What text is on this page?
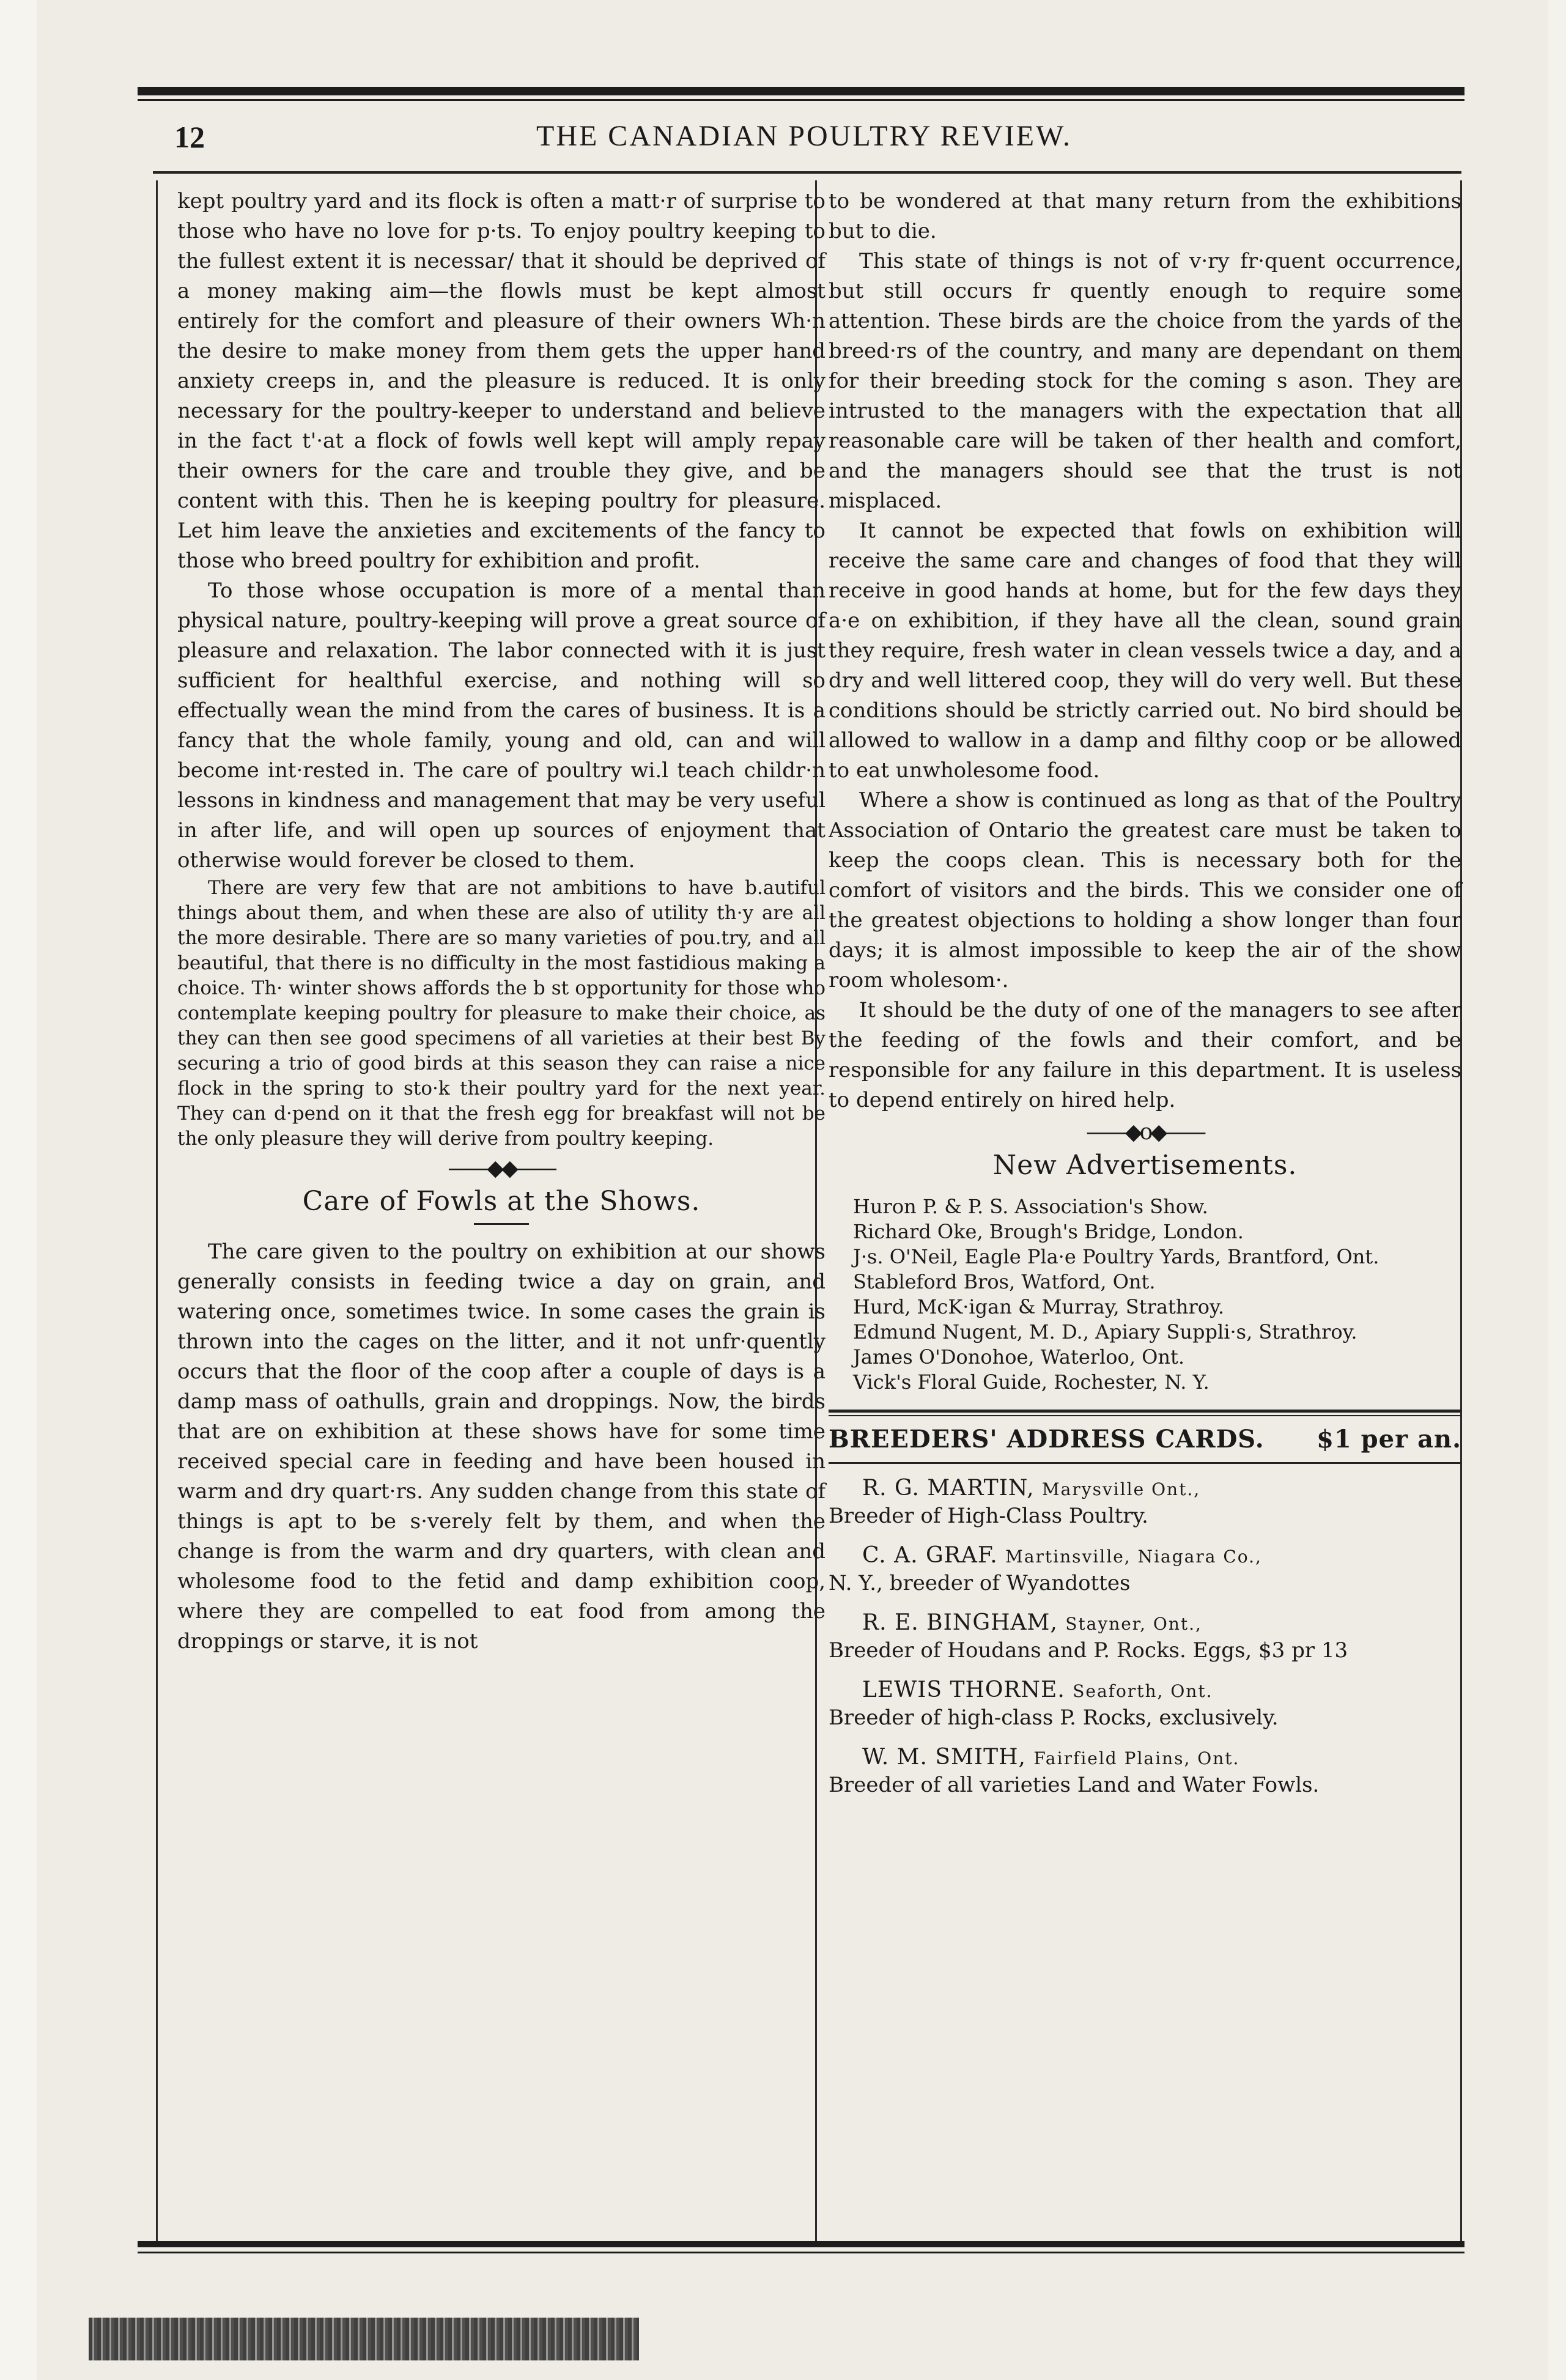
12	THE CANADIAN POULTRY REVIEW.

kept poultry yard and its flock is often a matt·r of surprise to those who have no love for p·ts. To enjoy poultry keeping to the fullest extent it is necessar/ that it should be deprived of a money making aim—the flowls must be kept almost entirely for the comfort and pleasure of their owners Wh·n the desire to make money from them gets the upper hand anxiety creeps in, and the pleasure is reduced. It is only necessary for the poultry-keeper to understand and believe in the fact t'·at a flock of fowls well kept will amply repay their owners for the care and trouble they give, and be content with this. Then he is keeping poultry for pleasure. Let him leave the anxieties and excitements of the fancy to those who breed poultry for exhibition and profit.

To those whose occupation is more of a mental than physical nature, poultry-keeping will prove a great source of pleasure and relaxation. The labor connected with it is just sufficient for healthful exercise, and nothing will so effectually wean the mind from the cares of business. It is a fancy that the whole family, young and old, can and will become int·rested in. The care of poultry wi.l teach childr·n lessons in kindness and management that may be very useful in after life, and will open up sources of enjoyment that otherwise would forever be closed to them.

There are very few that are not ambitions to have b.autiful things about them, and when these are also of utility th·y are all the more desirable. There are so many varieties of pou.try, and all beautiful, that there is no difficulty in the most fastidious making a choice. Th· winter shows affords the b st opportunity for those who contemplate keeping poultry for pleasure to make their choice, as they can then see good specimens of all varieties at their best By securing a trio of good birds at this season they can raise a nice flock in the spring to sto·k their poultry yard for the next year. They can d·pend on it that the fresh egg for breakfast will not be the only pleasure they will derive from poultry keeping.

——◆◆——
Care of Fowls at the Shows.

The care given to the poultry on exhibition at our shows generally consists in feeding twice a day on grain, and watering once, sometimes twice. In some cases the grain is thrown into the cages on the litter, and it not unfr·quently occurs that the floor of the coop after a couple of days is a damp mass of oathulls, grain and droppings. Now, the birds that are on exhibition at these shows have for some time received special care in feeding and have been housed in warm and dry quart·rs. Any sudden change from this state of things is apt to be s·verely felt by them, and when the change is from the warm and dry quarters, with clean and wholesome food to the fetid and damp exhibition coop, where they are compelled to eat food from among the droppings or starve, it is not

to be wondered at that many return from the exhibitions but to die.

This state of things is not of v·ry fr·quent occurrence, but still occurs fr quently enough to require some attention. These birds are the choice from the yards of the breed·rs of the country, and many are dependant on them for their breeding stock for the coming s ason. They are intrusted to the managers with the expectation that all reasonable care will be taken of ther health and comfort, and the managers should see that the trust is not misplaced.

It cannot be expected that fowls on exhibition will receive the same care and changes of food that they will receive in good hands at home, but for the few days they a·e on exhibition, if they have all the clean, sound grain they require, fresh water in clean vessels twice a day, and a dry and well littered coop, they will do very well. But these conditions should be strictly carried out. No bird should be allowed to wallow in a damp and filthy coop or be allowed to eat unwholesome food.

Where a show is continued as long as that of the Poultry Association of Ontario the greatest care must be taken to keep the coops clean. This is necessary both for the comfort of visitors and the birds. This we consider one of the greatest objections to holding a show longer than four days; it is almost impossible to keep the air of the show room wholesom·.

It should be the duty of one of the managers to see after the feeding of the fowls and their comfort, and be responsible for any failure in this department. It is useless to depend entirely on hired help.

——◆o◆——
New Advertisements.

Huron P. & P. S. Association's Show.

Richard Oke, Brough's Bridge, London.

J·s. O'Neil, Eagle Pla·e Poultry Yards, Brantford, Ont.

Stableford Bros, Watford, Ont.

Hurd, McK·igan & Murray, Strathroy.

Edmund Nugent, M. D., Apiary Suppli·s, Strathroy.

James O'Donohoe, Waterloo, Ont.

Vick's Floral Guide, Rochester, N. Y.

BREEDERS' ADDRESS CARDS. $1 per an.
R. G. MARTIN, Marysville Ont.,
Breeder of High-Class Poultry.
C. A. GRAF. Martinsville, Niagara Co.,
N. Y., breeder of Wyandottes
R. E. BINGHAM, Stayner, Ont.,
Breeder of Houdans and P. Rocks. Eggs, $3 pr 13
LEWIS THORNE. Seaforth, Ont.
Breeder of high-class P. Rocks, exclusively.
W. M. SMITH, Fairfield Plains, Ont.
Breeder of all varieties Land and Water Fowls.
